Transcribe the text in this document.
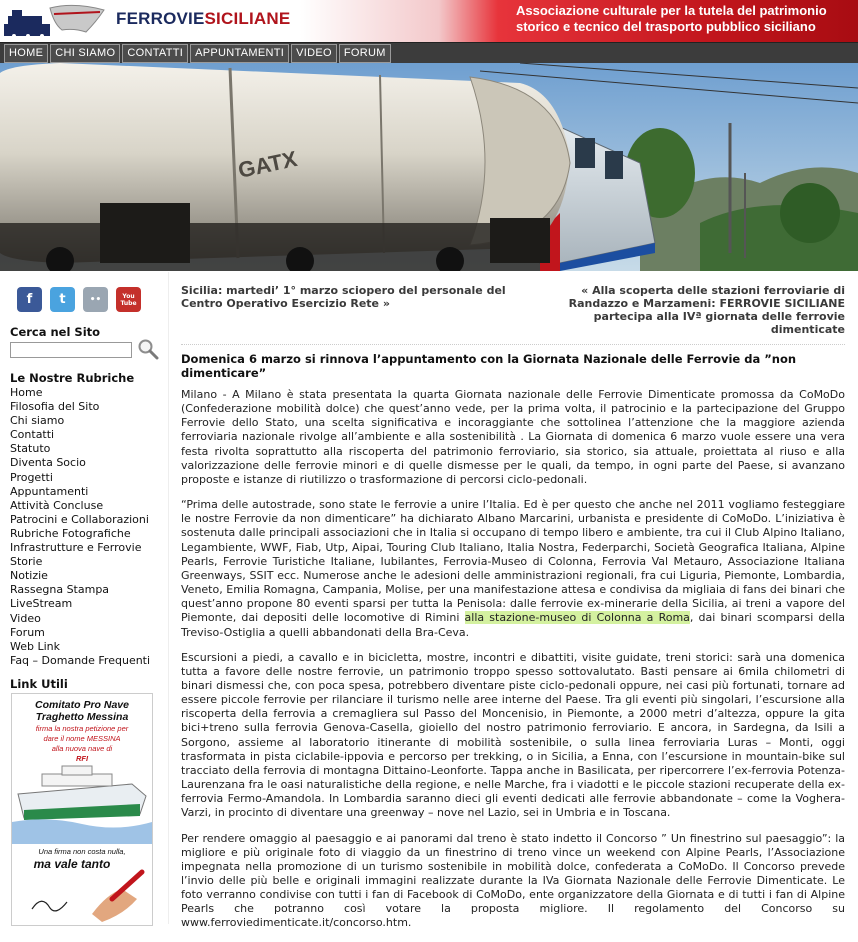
FERROVIESICILIANE	Associazione culturale per la tutela del patrimonio
storico e tecnico del trasporto pubblico siciliano
HOME	CHI SIAMO	CONTATTI	APPUNTAMENTI	VIDEO	FORUM
GATX
f	t	••	You Tube
Cerca nel Sito
Le Nostre Rubriche
Home
Filosofia del Sito
Chi siamo
Contatti
Statuto
Diventa Socio
Progetti
Appuntamenti
Attività Concluse
Patrocini e Collaborazioni
Rubriche Fotografiche
Infrastrutture e Ferrovie
Storie
Notizie
Rassegna Stampa
LiveStream
Video
Forum
Web Link
Faq – Domande Frequenti
Link Utili
Comitato Pro Nave
Traghetto Messina
firma la nostra petizione per
dare il nome MESSINA
alla nuova nave di
RFI
Una firma non costa nulla,
ma vale tanto
Sicilia: martedi’ 1° marzo sciopero del personale del Centro Operativo Esercizio Rete »
« Alla scoperta delle stazioni ferroviarie di Randazzo e Marzameni: FERROVIE SICILIANE partecipa alla IVª giornata delle ferrovie dimenticate
Domenica 6 marzo si rinnova l’appuntamento con la Giornata Nazionale delle Ferrovie da ”non dimenticare”

Milano - A Milano è stata presentata la quarta Giornata nazionale delle Ferrovie Dimenticate promossa da CoMoDo (Confederazione mobilità dolce) che quest’anno vede, per la prima volta, il patrocinio e la partecipazione del Gruppo Ferrovie dello Stato, una scelta significativa e incoraggiante che sottolinea l’attenzione che la maggiore azienda ferroviaria nazionale rivolge all’ambiente e alla sostenibilità . La Giornata di domenica 6 marzo vuole essere una vera festa rivolta soprattutto alla riscoperta del patrimonio ferroviario, sia storico, sia attuale, proiettata al riuso e alla valorizzazione delle ferrovie minori e di quelle dismesse per le quali, da tempo, in ogni parte del Paese, si avanzano proposte e istanze di riutilizzo o trasformazione di percorsi ciclo-pedonali.

“Prima delle autostrade, sono state le ferrovie a unire l’Italia. Ed è per questo che anche nel 2011 vogliamo festeggiare le nostre Ferrovie da non dimenticare” ha dichiarato Albano Marcarini, urbanista e presidente di CoMoDo. L’iniziativa è sostenuta dalle principali associazioni che in Italia si occupano di tempo libero e ambiente, tra cui il Club Alpino Italiano, Legambiente, WWF, Fiab, Utp, Aipai, Touring Club Italiano, Italia Nostra, Federparchi, Società Geografica Italiana, Alpine Pearls, Ferrovie Turistiche Italiane, Iubilantes, Ferrovia-Museo di Colonna, Ferrovia Val Metauro, Associazione Italiana Greenways, SSIT ecc. Numerose anche le adesioni delle amministrazioni regionali, fra cui Liguria, Piemonte, Lombardia, Veneto, Emilia Romagna, Campania, Molise, per una manifestazione attesa e condivisa da migliaia di fans dei binari che quest’anno propone 80 eventi sparsi per tutta la Penisola: dalle ferrovie ex-minerarie della Sicilia, ai treni a vapore del Piemonte, dai depositi delle locomotive di Rimini alla stazione-museo di Colonna a Roma, dai binari scomparsi della Treviso-Ostiglia a quelli abbandonati della Bra-Ceva.

Escursioni a piedi, a cavallo e in bicicletta, mostre, incontri e dibattiti, visite guidate, treni storici: sarà una domenica tutta a favore delle nostre ferrovie, un patrimonio troppo spesso sottovalutato. Basti pensare ai 6mila chilometri di binari dismessi che, con poca spesa, potrebbero diventare piste ciclo-pedonali oppure, nei casi più fortunati, tornare ad essere piccole ferrovie per rilanciare il turismo nelle aree interne del Paese. Tra gli eventi più singolari, l’escursione alla riscoperta della ferrovia a cremagliera sul Passo del Moncenisio, in Piemonte, a 2000 metri d’altezza, oppure la gita bici+treno sulla ferrovia Genova-Casella, gioiello del nostro patrimonio ferroviario. E ancora, in Sardegna, da Isili a Sorgono, assieme al laboratorio itinerante di mobilità sostenibile, o sulla linea ferroviaria Luras – Monti, oggi trasformata in pista ciclabile-ippovia e percorso per trekking, o in Sicilia, a Enna, con l’escursione in mountain-bike sul tracciato della ferrovia di montagna Dittaino-Leonforte. Tappa anche in Basilicata, per ripercorrere l’ex-ferrovia Potenza-Laurenzana fra le oasi naturalistiche della regione, e nelle Marche, fra i viadotti e le piccole stazioni recuperate della ex-ferrovia Fermo-Amandola. In Lombardia saranno dieci gli eventi dedicati alle ferrovie abbandonate – come la Voghera-Varzi, in procinto di diventare una greenway – nove nel Lazio, sei in Umbria e in Toscana.

Per rendere omaggio al paesaggio e ai panorami dal treno è stato indetto il Concorso ” Un finestrino sul paesaggio”: la migliore e più originale foto di viaggio da un finestrino di treno vince un weekend con Alpine Pearls, l’Associazione impegnata nella promozione di un turismo sostenibile in mobilità dolce, confederata a CoMoDo. Il Concorso prevede l’invio delle più belle e originali immagini realizzate durante la IVa Giornata Nazionale delle Ferrovie Dimenticate. Le foto verranno condivise con tutti i fan di Facebook di CoMoDo, ente organizzatore della Giornata e di tutti i fan di Alpine Pearls che potranno così votare la proposta migliore. Il regolamento del Concorso su www.ferroviedimenticate.it/concorso.htm.
